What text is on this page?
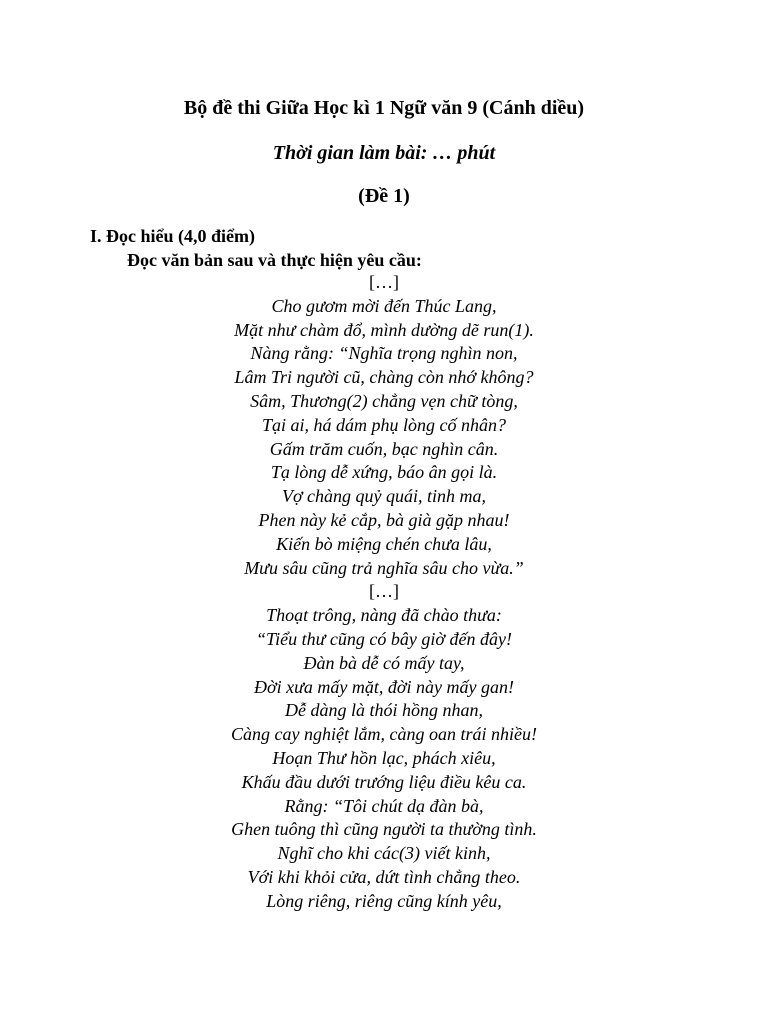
Bộ đề thi Giữa Học kì 1 Ngữ văn 9 (Cánh diều)
Thời gian làm bài: … phút
(Đề 1)
I. Đọc hiểu (4,0 điểm)
Đọc văn bản sau và thực hiện yêu cầu:
[…]
Cho gươm mời đến Thúc Lang,
Mặt như chàm đổ, mình dường dẽ run(1).
Nàng rằng: “Nghĩa trọng nghìn non,
Lâm Tri người cũ, chàng còn nhớ không?
Sâm, Thương(2) chẳng vẹn chữ tòng,
Tại ai, há dám phụ lòng cố nhân?
Gấm trăm cuốn, bạc nghìn cân.
Tạ lòng dễ xứng, báo ân gọi là.
Vợ chàng quỷ quái, tinh ma,
Phen này kẻ cắp, bà già gặp nhau!
Kiến bò miệng chén chưa lâu,
Mưu sâu cũng trả nghĩa sâu cho vừa.”
[…]
Thoạt trông, nàng đã chào thưa:
“Tiểu thư cũng có bây giờ đến đây!
Đàn bà dễ có mấy tay,
Đời xưa mấy mặt, đời này mấy gan!
Dễ dàng là thói hồng nhan,
Càng cay nghiệt lắm, càng oan trái nhiều!
Hoạn Thư hồn lạc, phách xiêu,
Khấu đầu dưới trướng liệu điều kêu ca.
Rằng: “Tôi chút dạ đàn bà,
Ghen tuông thì cũng người ta thường tình.
Nghĩ cho khi các(3) viết kinh,
Với khi khỏi cửa, dứt tình chẳng theo.
Lòng riêng, riêng cũng kính yêu,
